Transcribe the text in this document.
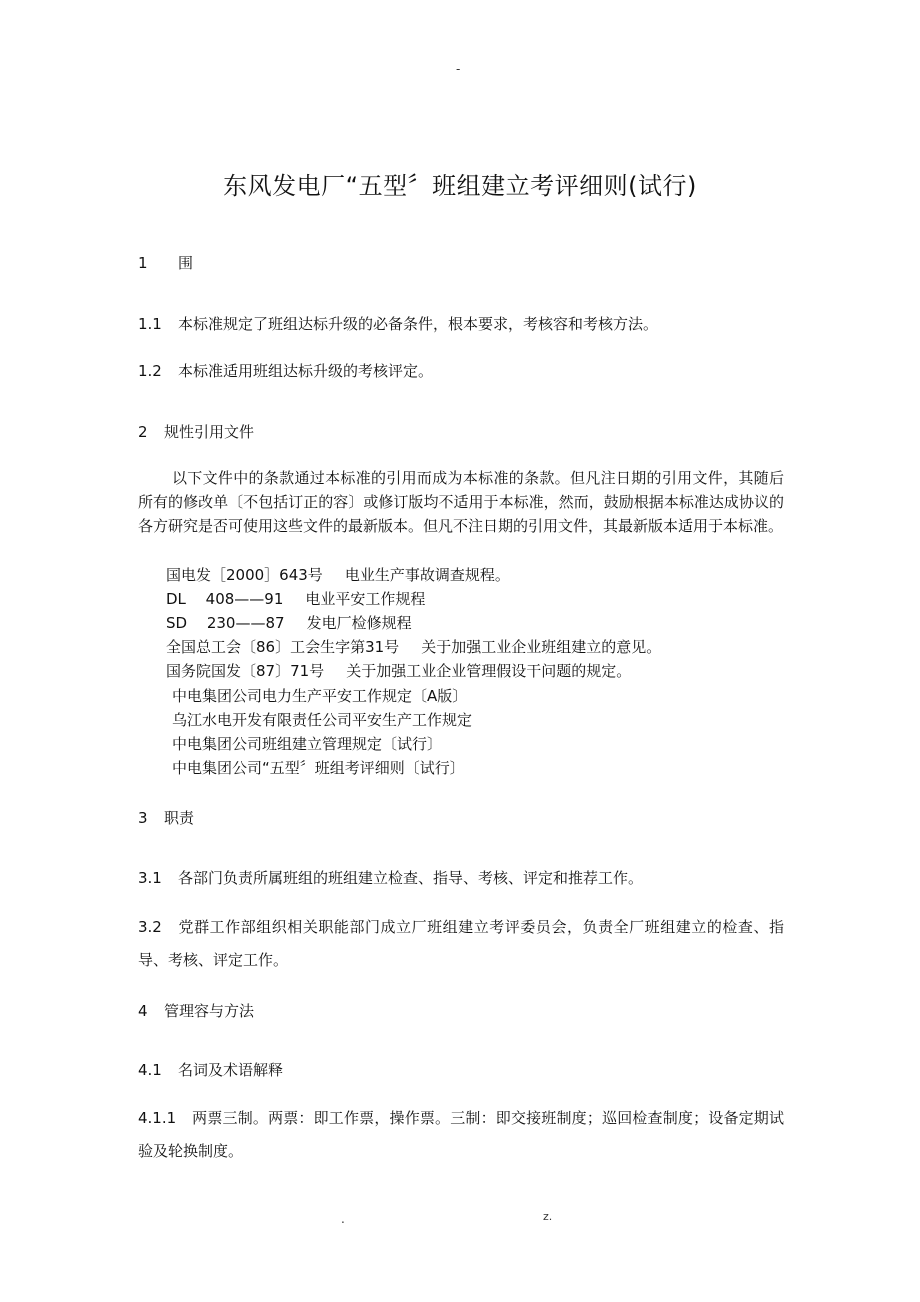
-
东风发电厂“五型〞班组建立考评细则(试行)
1 围
1.1 本标准规定了班组达标升级的必备条件，根本要求，考核容和考核方法。
1.2 本标准适用班组达标升级的考核评定。
2 规性引用文件
以下文件中的条款通过本标准的引用而成为本标准的条款。但凡注日期的引用文件，其随后所有的修改单〔不包括订正的容〕或修订版均不适用于本标准，然而，鼓励根据本标准达成协议的各方研究是否可使用这些文件的最新版本。但凡不注日期的引用文件，其最新版本适用于本标准。
国电发［2000］643号 电业生产事故调查规程。
DL　 408——91 电业平安工作规程
SD　 230——87 发电厂检修规程
全国总工会〔86〕工会生字第31号 关于加强工业企业班组建立的意见。
国务院国发〔87〕71号 关于加强工业企业管理假设干问题的规定。
中电集团公司电力生产平安工作规定〔A版〕
乌江水电开发有限责任公司平安生产工作规定
中电集团公司班组建立管理规定〔试行〕
中电集团公司“五型〞班组考评细则〔试行〕
3 职责
3.1 各部门负责所属班组的班组建立检查、指导、考核、评定和推荐工作。
3.2 党群工作部组织相关职能部门成立厂班组建立考评委员会，负责全厂班组建立的检查、指导、考核、评定工作。
4 管理容与方法
4.1 名词及术语解释
4.1.1 两票三制。两票：即工作票，操作票。三制：即交接班制度；巡回检查制度；设备定期试验及轮换制度。
.	z.
